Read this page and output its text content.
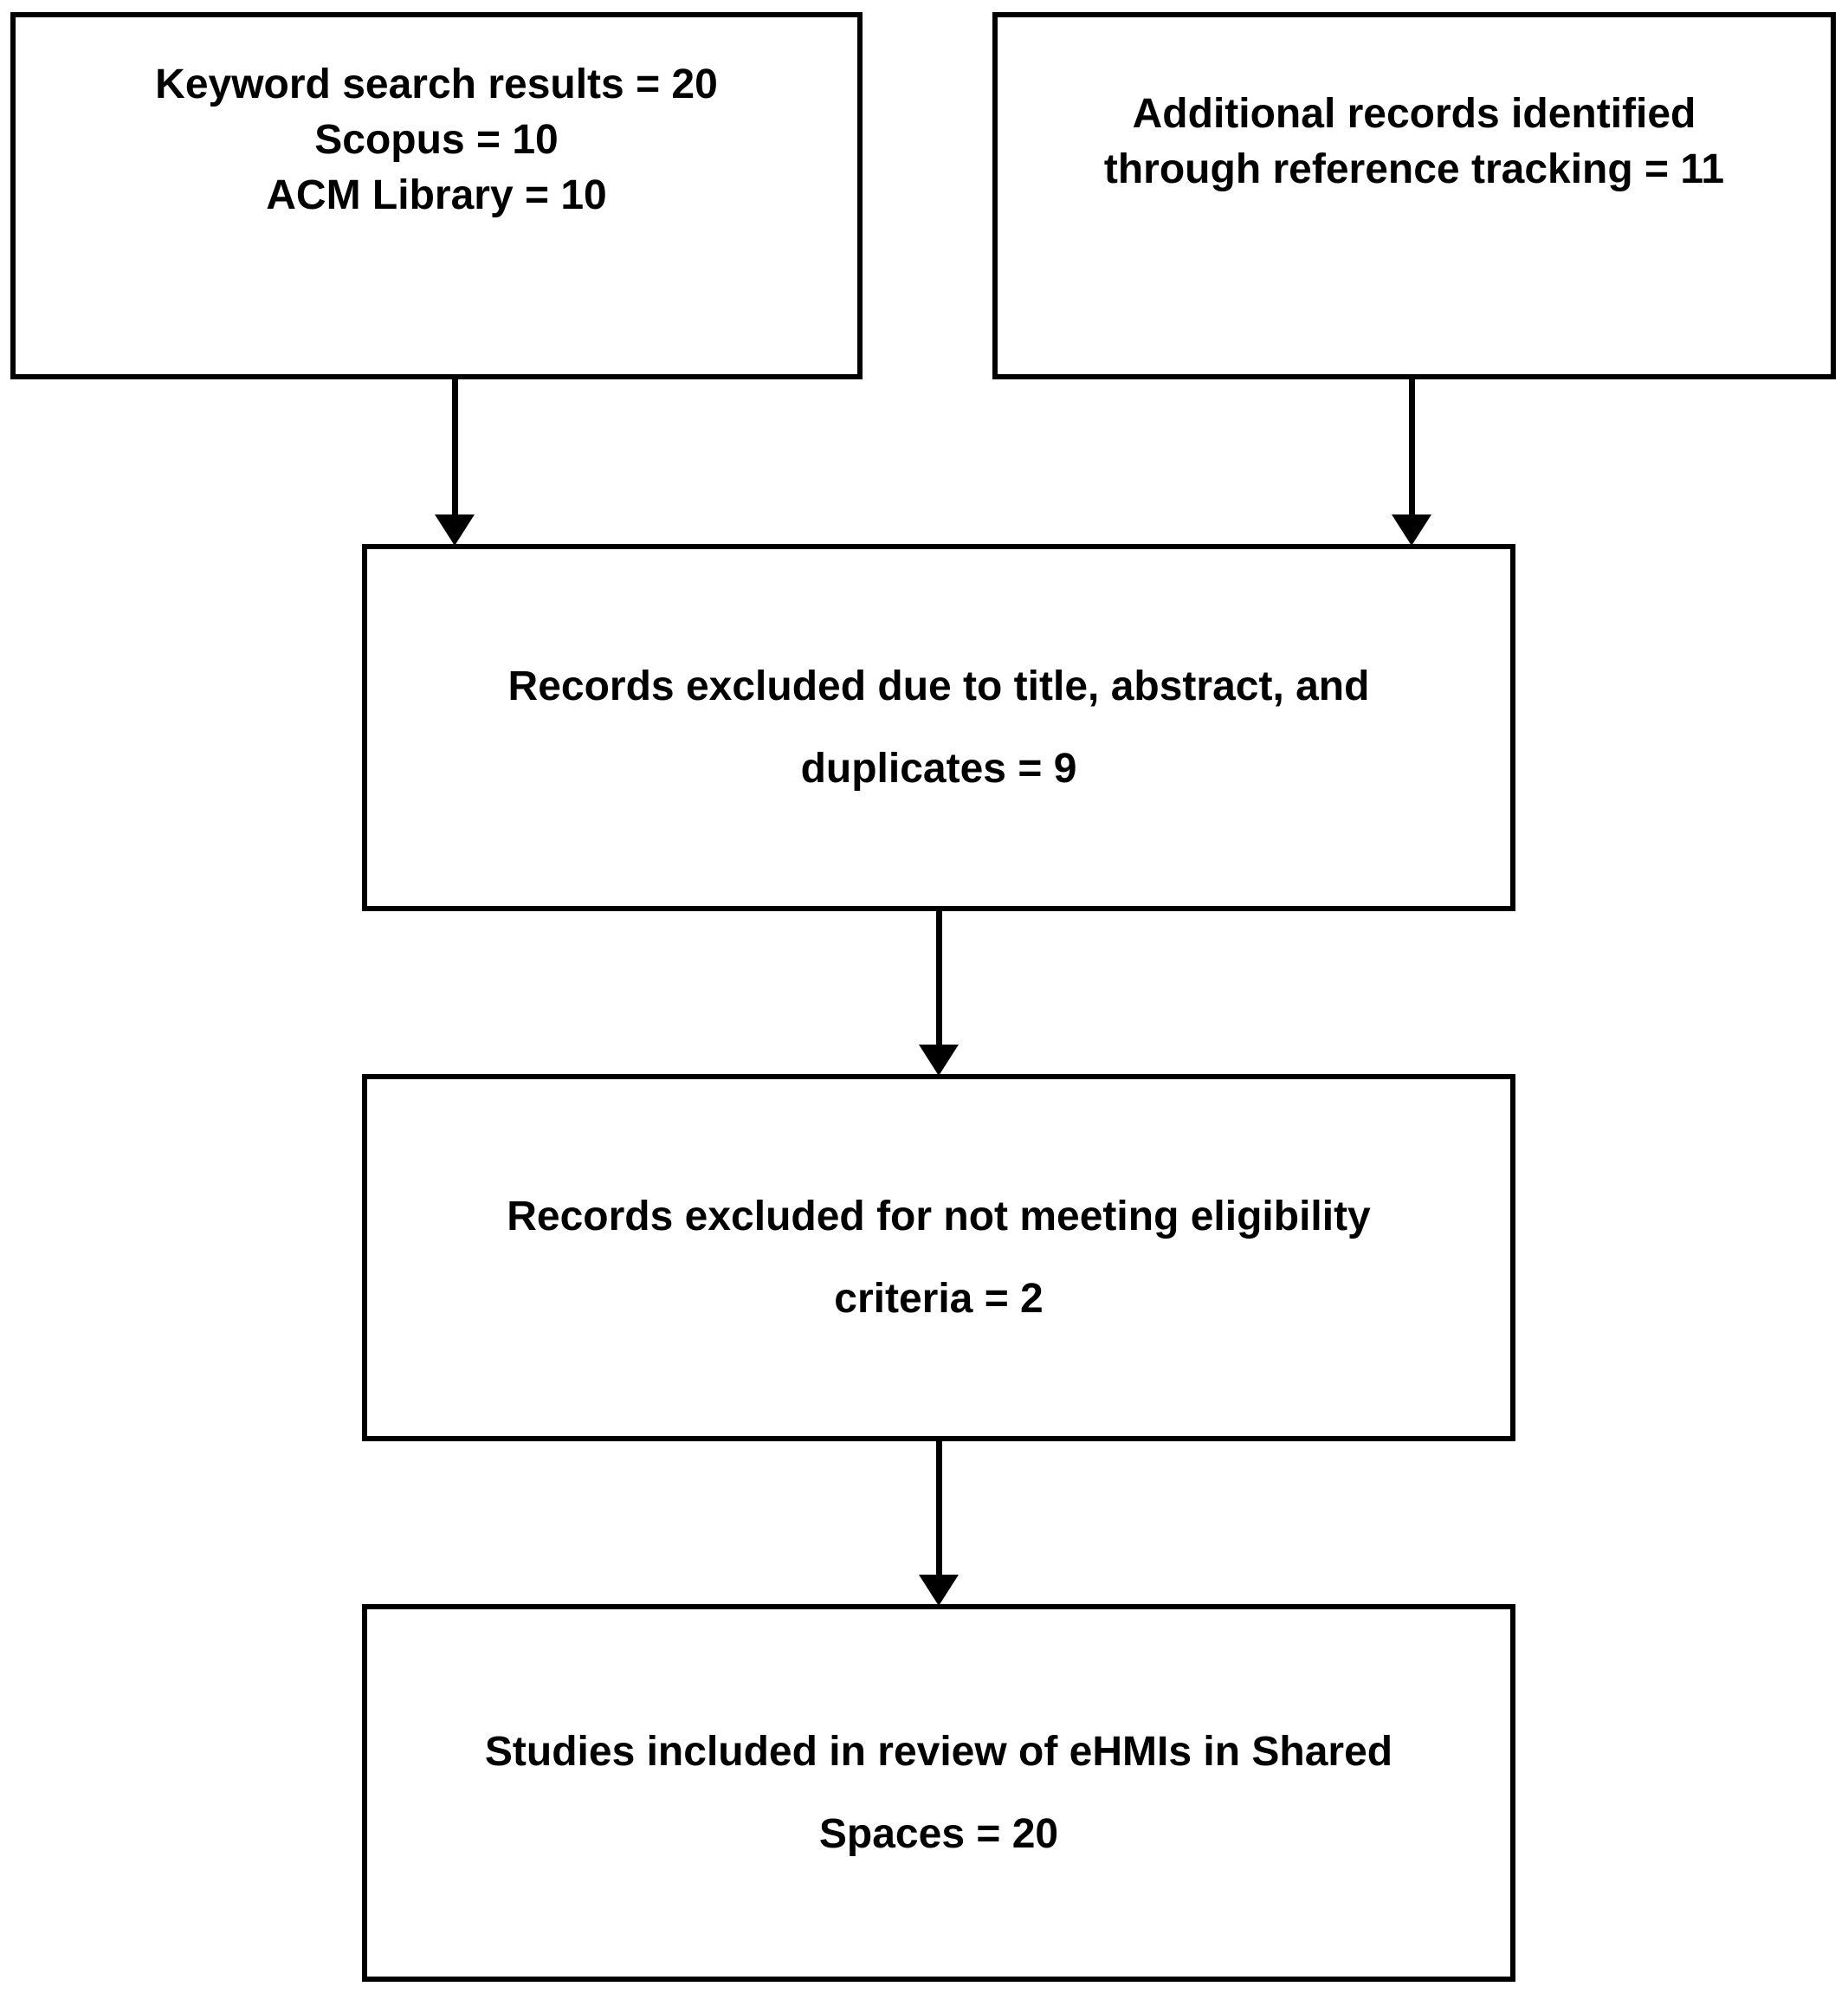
Keyword search results = 20
Scopus = 10
ACM Library = 10
Additional records identified
through reference tracking = 11
Records excluded due to title, abstract, and
duplicates = 9
Records excluded for not meeting eligibility
criteria = 2
Studies included in review of eHMIs in Shared
Spaces = 20
